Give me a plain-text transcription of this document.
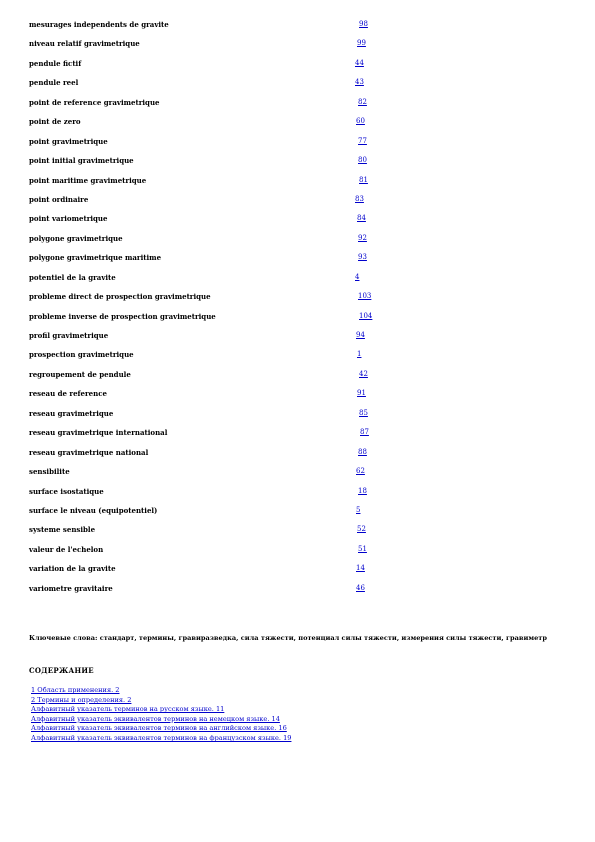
mesurages independents de gravite	98
niveau relatif gravimetrique	99
pendule fictif	44
pendule reel	43
point de reference gravimetrique	82
point de zero	60
point gravimetrique	77
point initial gravimetrique	80
point maritime gravimetrique	81
point ordinaire	83
point variometrique	84
polygone gravimetrique	92
polygone gravimetrique maritime	93
potentiel de la gravite	4
probleme direct de prospection gravimetrique	103
probleme inverse de prospection gravimetrique	104
profil gravimetrique	94
prospection gravimetrique	1
regroupement de pendule	42
reseau de reference	91
reseau gravimetrique	85
reseau gravimetrique international	87
reseau gravimetrique national	88
sensibilite	62
surface isostatique	18
surface le niveau (equipotentiel)	5
systeme sensible	52
valeur de l'echelon	51
variation de la gravite	14
variometre gravitaire	46
Ключевые слова: стандарт, термины, гравиразведка, сила тяжести, потенциал силы тяжести, измерения силы тяжести, гравиметр
СОДЕРЖАНИЕ
1 Область применения. 2
2 Термины и определения. 2
Алфавитный указатель терминов на русском языке. 11
Алфавитный указатель эквивалентов терминов на немецком языке. 14
Алфавитный указатель эквивалентов терминов на английском языке. 16
Алфавитный указатель эквивалентов терминов на французском языке. 19
